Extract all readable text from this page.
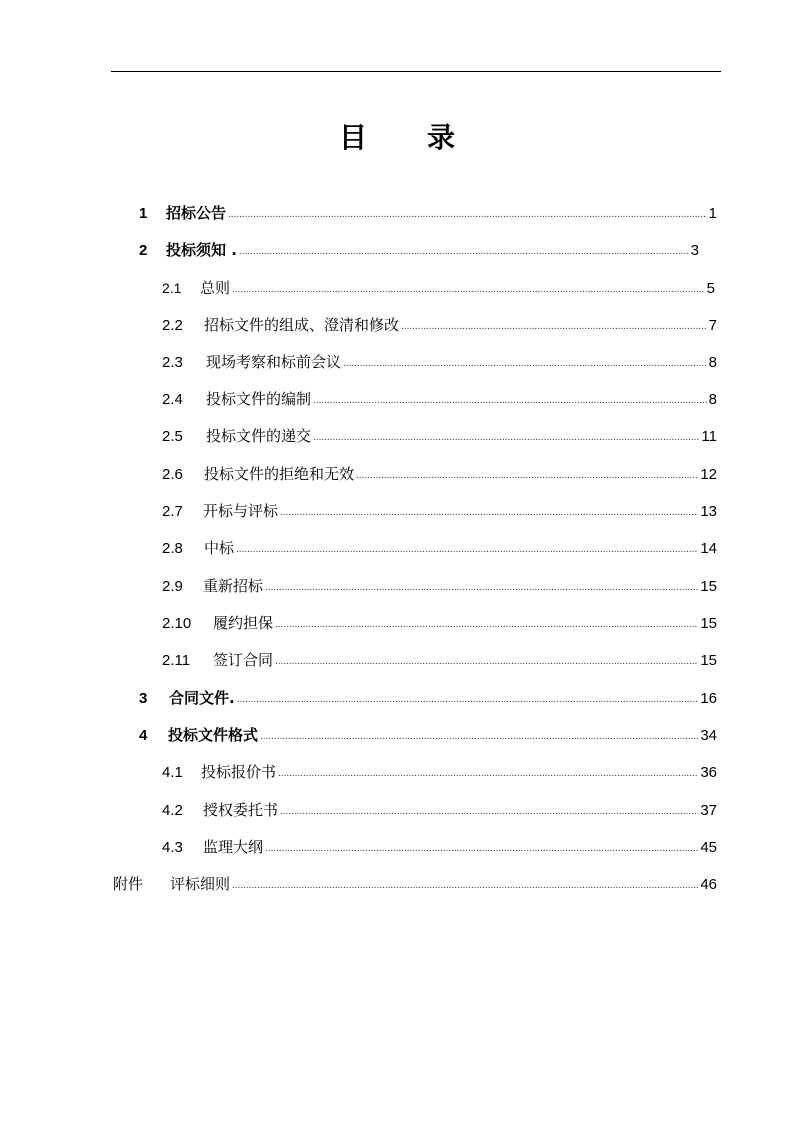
目 录
1	招标公告 .....	1
2	投标须知 . .....	3
2.1	总则 .....	5
2.2	招标文件的组成、澄清和修改 .....	7
2.3	现场考察和标前会议 .....	8
2.4	投标文件的编制 .....	8
2.5	投标文件的递交 .....	11
2.6	投标文件的拒绝和无效 .....	12
2.7	开标与评标 .....	13
2.8	中标 .....	14
2.9	重新招标 .....	15
2.10	履约担保 .....	15
2.11	签订合同 .....	15
3	合同文件. .....	16
4	投标文件格式 .....	34
4.1	投标报价书 .....	36
4.2	授权委托书 .....	37
4.3	监理大纲 .....	45
附件	评标细则 .....	46
